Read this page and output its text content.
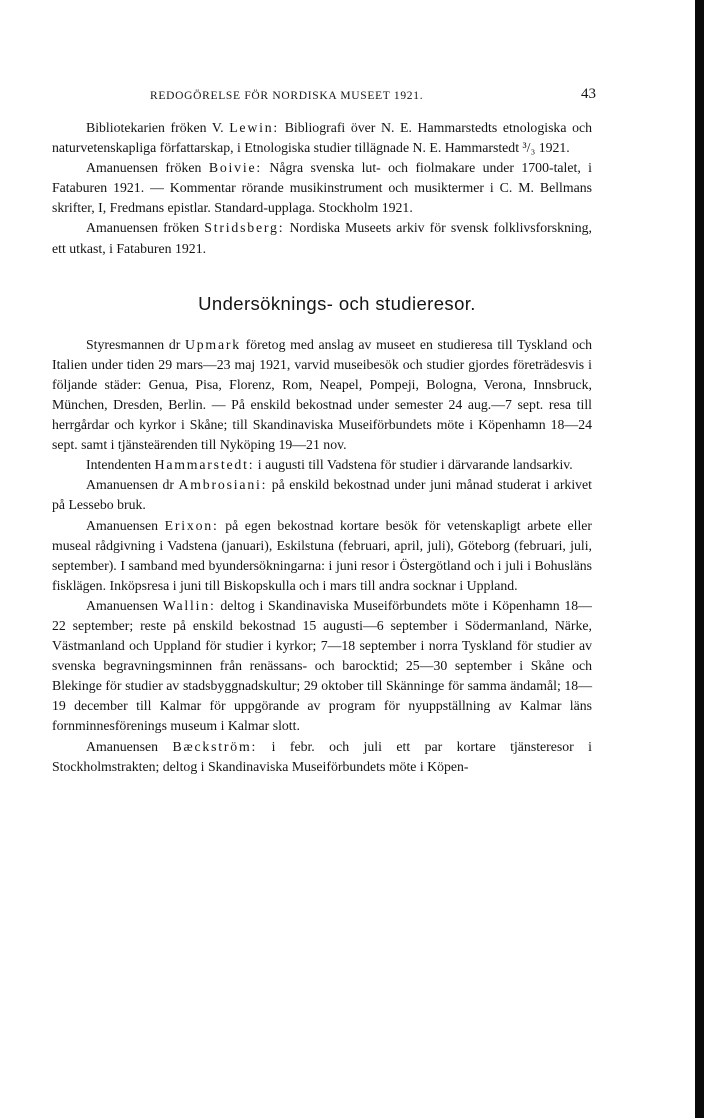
REDOGÖRELSE FÖR NORDISKA MUSEET 1921.	43

Bibliotekarien fröken V. Lewin: Bibliografi över N. E. Hammarstedts etnologiska och naturvetenskapliga författarskap, i Etnologiska studier tillägnade N. E. Hammarstedt ³/₃ 1921.

Amanuensen fröken Boivie: Några svenska lut- och fiolmakare under 1700-talet, i Fataburen 1921. — Kommentar rörande musikinstrument och musiktermer i C. M. Bellmans skrifter, I, Fredmans epistlar. Standard-upplaga. Stockholm 1921.

Amanuensen fröken Stridsberg: Nordiska Museets arkiv för svensk folklivsforskning, ett utkast, i Fataburen 1921.

Undersöknings- och studieresor.

Styresmannen dr Upmark företog med anslag av museet en studieresa till Tyskland och Italien under tiden 29 mars—23 maj 1921, varvid museibesök och studier gjordes företrädesvis i följande städer: Genua, Pisa, Florenz, Rom, Neapel, Pompeji, Bologna, Verona, Innsbruck, München, Dresden, Berlin. — På enskild bekostnad under semester 24 aug.—7 sept. resa till herrgårdar och kyrkor i Skåne; till Skandinaviska Museiförbundets möte i Köpenhamn 18—24 sept. samt i tjänsteärenden till Nyköping 19—21 nov.

Intendenten Hammarstedt: i augusti till Vadstena för studier i därvarande landsarkiv.

Amanuensen dr Ambrosiani: på enskild bekostnad under juni månad studerat i arkivet på Lessebo bruk.

Amanuensen Erixon: på egen bekostnad kortare besök för vetenskapligt arbete eller museal rådgivning i Vadstena (januari), Eskilstuna (februari, april, juli), Göteborg (februari, juli, september). I samband med byundersökningarna: i juni resor i Östergötland och i juli i Bohusläns fisklägen. Inköpsresa i juni till Biskopskulla och i mars till andra socknar i Uppland.

Amanuensen Wallin: deltog i Skandinaviska Museiförbundets möte i Köpenhamn 18—22 september; reste på enskild bekostnad 15 augusti—6 september i Södermanland, Närke, Västmanland och Uppland för studier i kyrkor; 7—18 september i norra Tyskland för studier av svenska begravningsminnen från renässans- och barocktid; 25—30 september i Skåne och Blekinge för studier av stadsbyggnadskultur; 29 oktober till Skänninge för samma ändamål; 18—19 december till Kalmar för uppgörande av program för nyuppställning av Kalmar läns fornminnesförenings museum i Kalmar slott.

Amanuensen Bæckström: i febr. och juli ett par kortare tjänsteresor i Stockholmstrakten; deltog i Skandinaviska Museiförbundets möte i Köpen-
